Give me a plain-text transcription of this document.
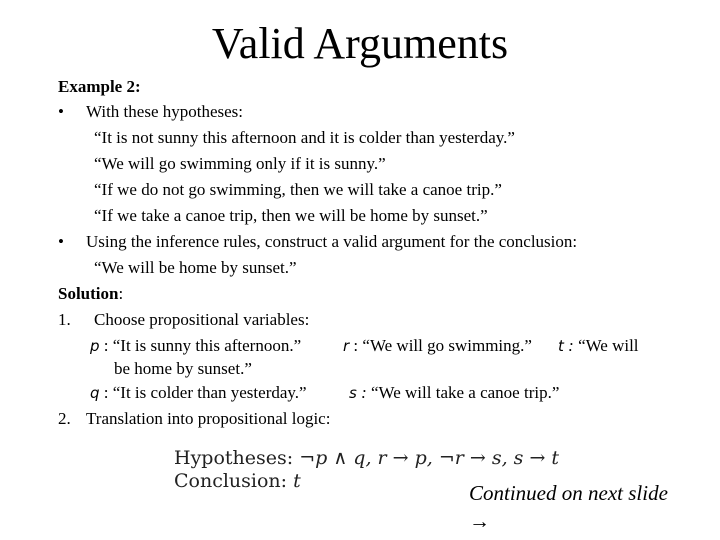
Valid Arguments
Example 2:
• With these hypotheses:
“It is not sunny this afternoon and it is colder than yesterday.”
“We will go swimming only if it is sunny.”
“If we do not go swimming, then we will take a canoe trip.”
“If we take a canoe trip, then we will be home by sunset.”
• Using the inference rules, construct a valid argument for the conclusion:
“We will be home by sunset.”
Solution:
1. Choose propositional variables:
p : “It is sunny this afternoon.”	r : “We will go swimming.” t : “We will
be home by sunset.”
q : “It is colder than yesterday.”	s : “We will take a canoe trip.”
2. Translation into propositional logic:
Hypotheses: ¬p ∧ q, r → p, ¬r → s, s → t
Conclusion: t	Continued on next slide
→
